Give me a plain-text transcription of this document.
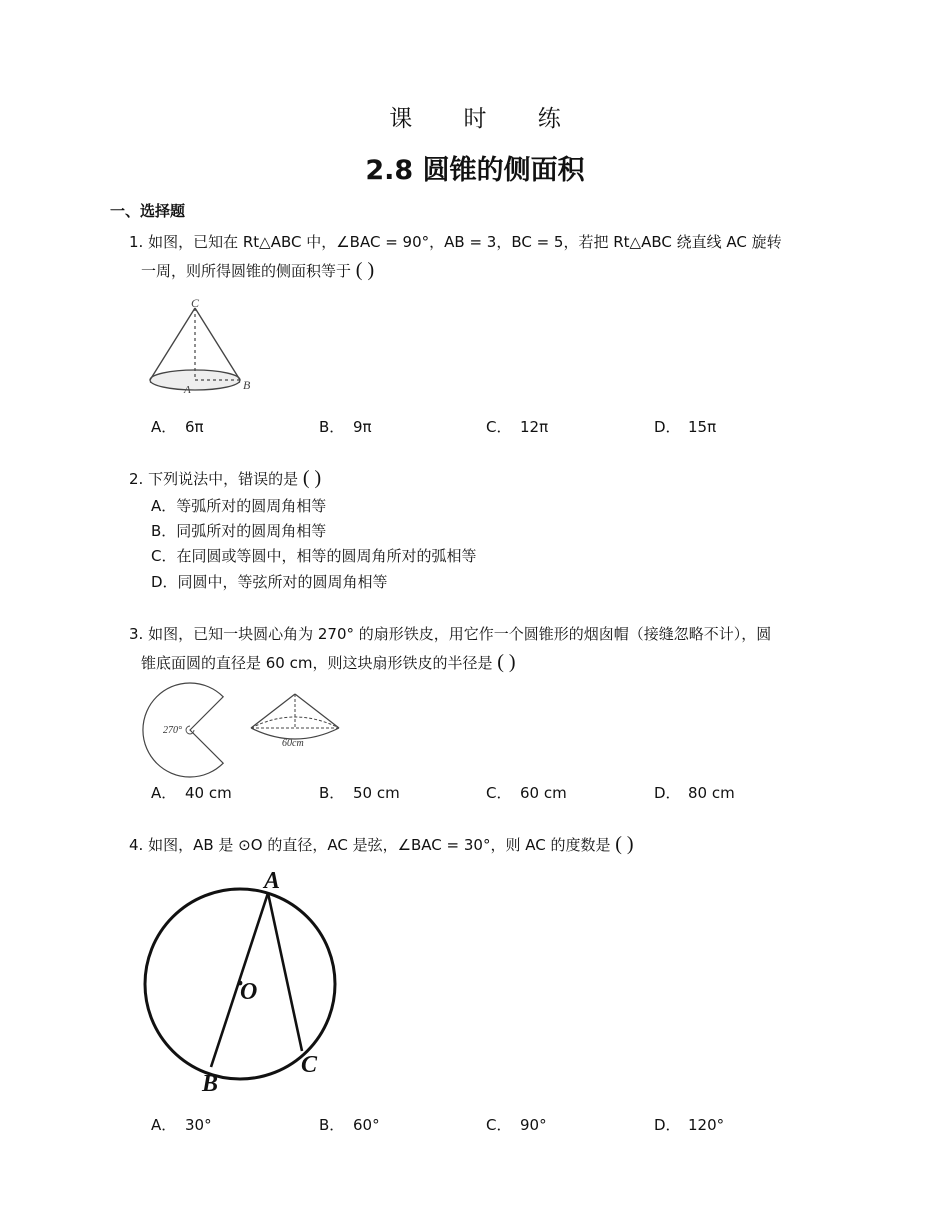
课 时 练
2.8 圆锥的侧面积
一、选择题
1. 如图，已知在 Rt△ABC 中，∠BAC = 90°，AB = 3，BC = 5，若把 Rt△ABC 绕直线 AC 旋转
一周，则所得圆锥的侧面积等于 ( )
C
A	B
A． 6π	B． 9π	C． 12π	D． 15π
2. 下列说法中，错误的是 ( )
A．等弧所对的圆周角相等
B．同弧所对的圆周角相等
C．在同圆或等圆中，相等的圆周角所对的弧相等
D．同圆中，等弦所对的圆周角相等
3. 如图，已知一块圆心角为 270° 的扇形铁皮，用它作一个圆锥形的烟囱帽（接缝忽略不计），圆
锥底面圆的直径是 60 cm，则这块扇形铁皮的半径是 ( )
270°
60cm
A． 40 cm	B． 50 cm	C． 60 cm	D． 80 cm
4. 如图，AB 是 ⊙O 的直径，AC 是弦，∠BAC = 30°，则 AC 的度数是 ( )
A
O
B
C
A． 30°	B． 60°	C． 90°	D． 120°
